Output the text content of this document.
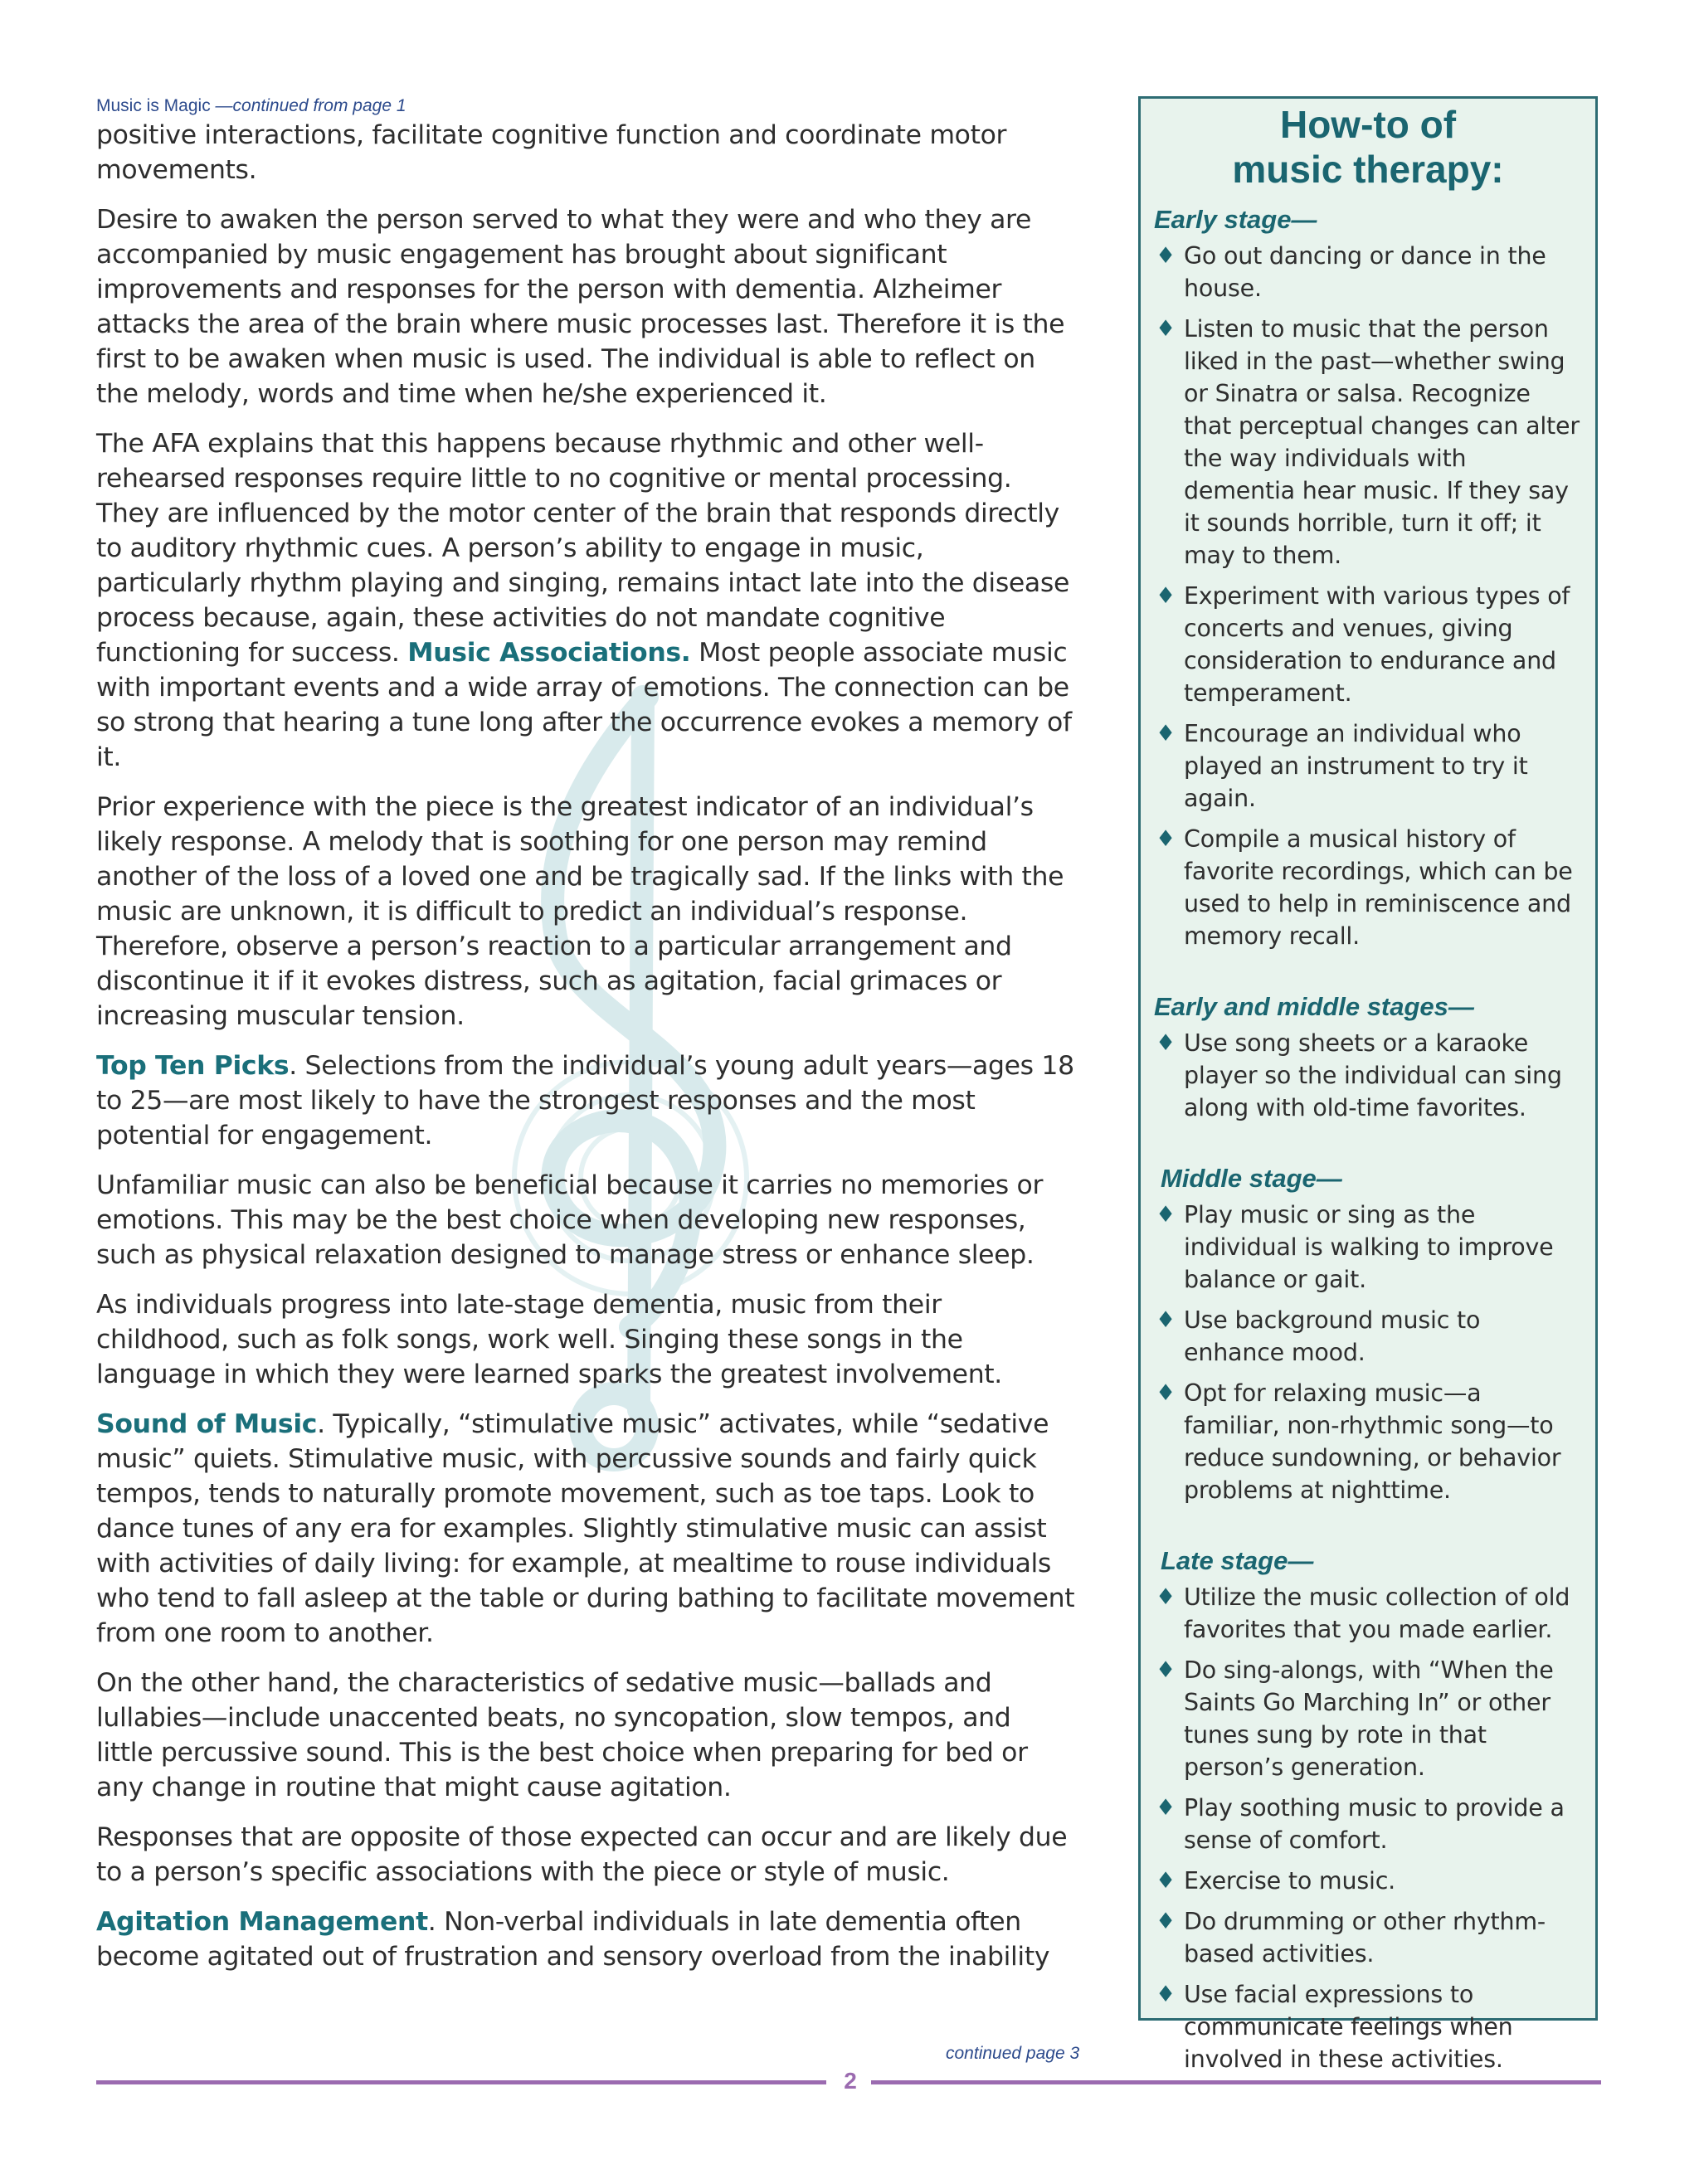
Music is Magic —continued from page 1

positive interactions, facilitate cognitive function and coordinate motor movements.

Desire to awaken the person served to what they were and who they are accompanied by music engagement has brought about significant improvements and responses for the person with dementia. Alzheimer attacks the area of the brain where music processes last. Therefore it is the first to be awaken when music is used. The individual is able to reflect on the melody, words and time when he/she experienced it.

The AFA explains that this happens because rhythmic and other well-rehearsed responses require little to no cognitive or mental processing. They are influenced by the motor center of the brain that responds directly to auditory rhythmic cues. A person’s ability to engage in music, particularly rhythm playing and singing, remains intact late into the disease process because, again, these activities do not mandate cognitive functioning for success. Music Associations. Most people associate music with important events and a wide array of emotions. The connection can be so strong that hearing a tune long after the occurrence evokes a memory of it.

Prior experience with the piece is the greatest indicator of an individual’s likely response. A melody that is soothing for one person may remind another of the loss of a loved one and be tragically sad. If the links with the music are unknown, it is difficult to predict an individual’s response. Therefore, observe a person’s reaction to a particular arrangement and discontinue it if it evokes distress, such as agitation, facial grimaces or increasing muscular tension.

Top Ten Picks. Selections from the individual’s young adult years—ages 18 to 25—are most likely to have the strongest responses and the most potential for engagement.

Unfamiliar music can also be beneficial because it carries no memories or emotions. This may be the best choice when developing new responses, such as physical relaxation designed to manage stress or enhance sleep.

As individuals progress into late-stage dementia, music from their childhood, such as folk songs, work well. Singing these songs in the language in which they were learned sparks the greatest involvement.

Sound of Music. Typically, “stimulative music” activates, while “sedative music” quiets. Stimulative music, with percussive sounds and fairly quick tempos, tends to naturally promote movement, such as toe taps. Look to dance tunes of any era for examples. Slightly stimulative music can assist with activities of daily living: for example, at mealtime to rouse individuals who tend to fall asleep at the table or during bathing to facilitate movement from one room to another.

On the other hand, the characteristics of sedative music—ballads and lullabies—include unaccented beats, no syncopation, slow tempos, and little percussive sound. This is the best choice when preparing for bed or any change in routine that might cause agitation.

Responses that are opposite of those expected can occur and are likely due to a person’s specific associations with the piece or style of music.

Agitation Management. Non-verbal individuals in late dementia often become agitated out of frustration and sensory overload from the inability

continued page 3
2
How-to of
music therapy:
Early stage—
♦ Go out dancing or dance in the house.
♦ Listen to music that the person liked in the past—whether swing or Sinatra or salsa. Recognize that perceptual changes can alter the way individuals with dementia hear music. If they say it sounds horrible, turn it off; it may to them.
♦ Experiment with various types of concerts and venues, giving consideration to endurance and temperament.
♦ Encourage an individual who played an instrument to try it again.
♦ Compile a musical history of favorite recordings, which can be used to help in reminiscence and memory recall.
Early and middle stages—
♦ Use song sheets or a karaoke player so the individual can sing along with old-time favorites.
Middle stage—
♦ Play music or sing as the individual is walking to improve balance or gait.
♦ Use background music to enhance mood.
♦ Opt for relaxing music—a familiar, non-rhythmic song—to reduce sundowning, or behavior problems at nighttime.
Late stage—
♦ Utilize the music collection of old favorites that you made earlier.
♦ Do sing-alongs, with “When the Saints Go Marching In” or other tunes sung by rote in that person’s generation.
♦ Play soothing music to provide a sense of comfort.
♦ Exercise to music.
♦ Do drumming or other rhythm-based activities.
♦ Use facial expressions to communicate feelings when involved in these activities.
